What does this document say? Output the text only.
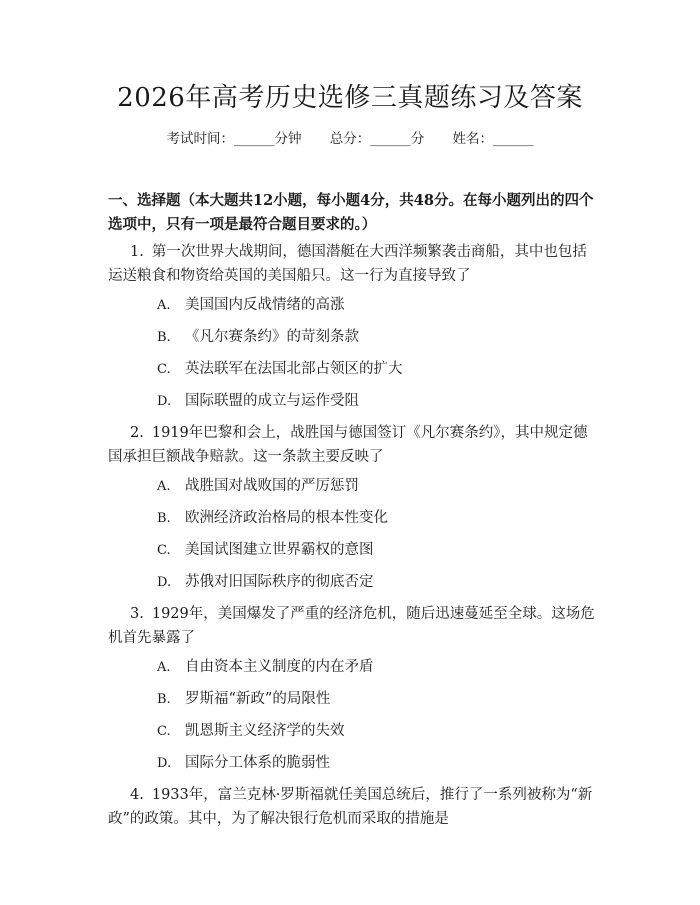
2026年高考历史选修三真题练习及答案
考试时间：______分钟 总分：______分 姓名：______
一、选择题（本大题共12小题，每小题4分，共48分。在每小题列出的四个选项中，只有一项是最符合题目要求的。）
1. 第一次世界大战期间，德国潜艇在大西洋频繁袭击商船，其中也包括运送粮食和物资给英国的美国船只。这一行为直接导致了
A. 美国国内反战情绪的高涨
B. 《凡尔赛条约》的苛刻条款
C. 英法联军在法国北部占领区的扩大
D. 国际联盟的成立与运作受阻
2. 1919年巴黎和会上，战胜国与德国签订《凡尔赛条约》，其中规定德国承担巨额战争赔款。这一条款主要反映了
A. 战胜国对战败国的严厉惩罚
B. 欧洲经济政治格局的根本性变化
C. 美国试图建立世界霸权的意图
D. 苏俄对旧国际秩序的彻底否定
3. 1929年，美国爆发了严重的经济危机，随后迅速蔓延至全球。这场危机首先暴露了
A. 自由资本主义制度的内在矛盾
B. 罗斯福“新政”的局限性
C. 凯恩斯主义经济学的失效
D. 国际分工体系的脆弱性
4. 1933年，富兰克林·罗斯福就任美国总统后，推行了一系列被称为“新政”的政策。其中，为了解决银行危机而采取的措施是
